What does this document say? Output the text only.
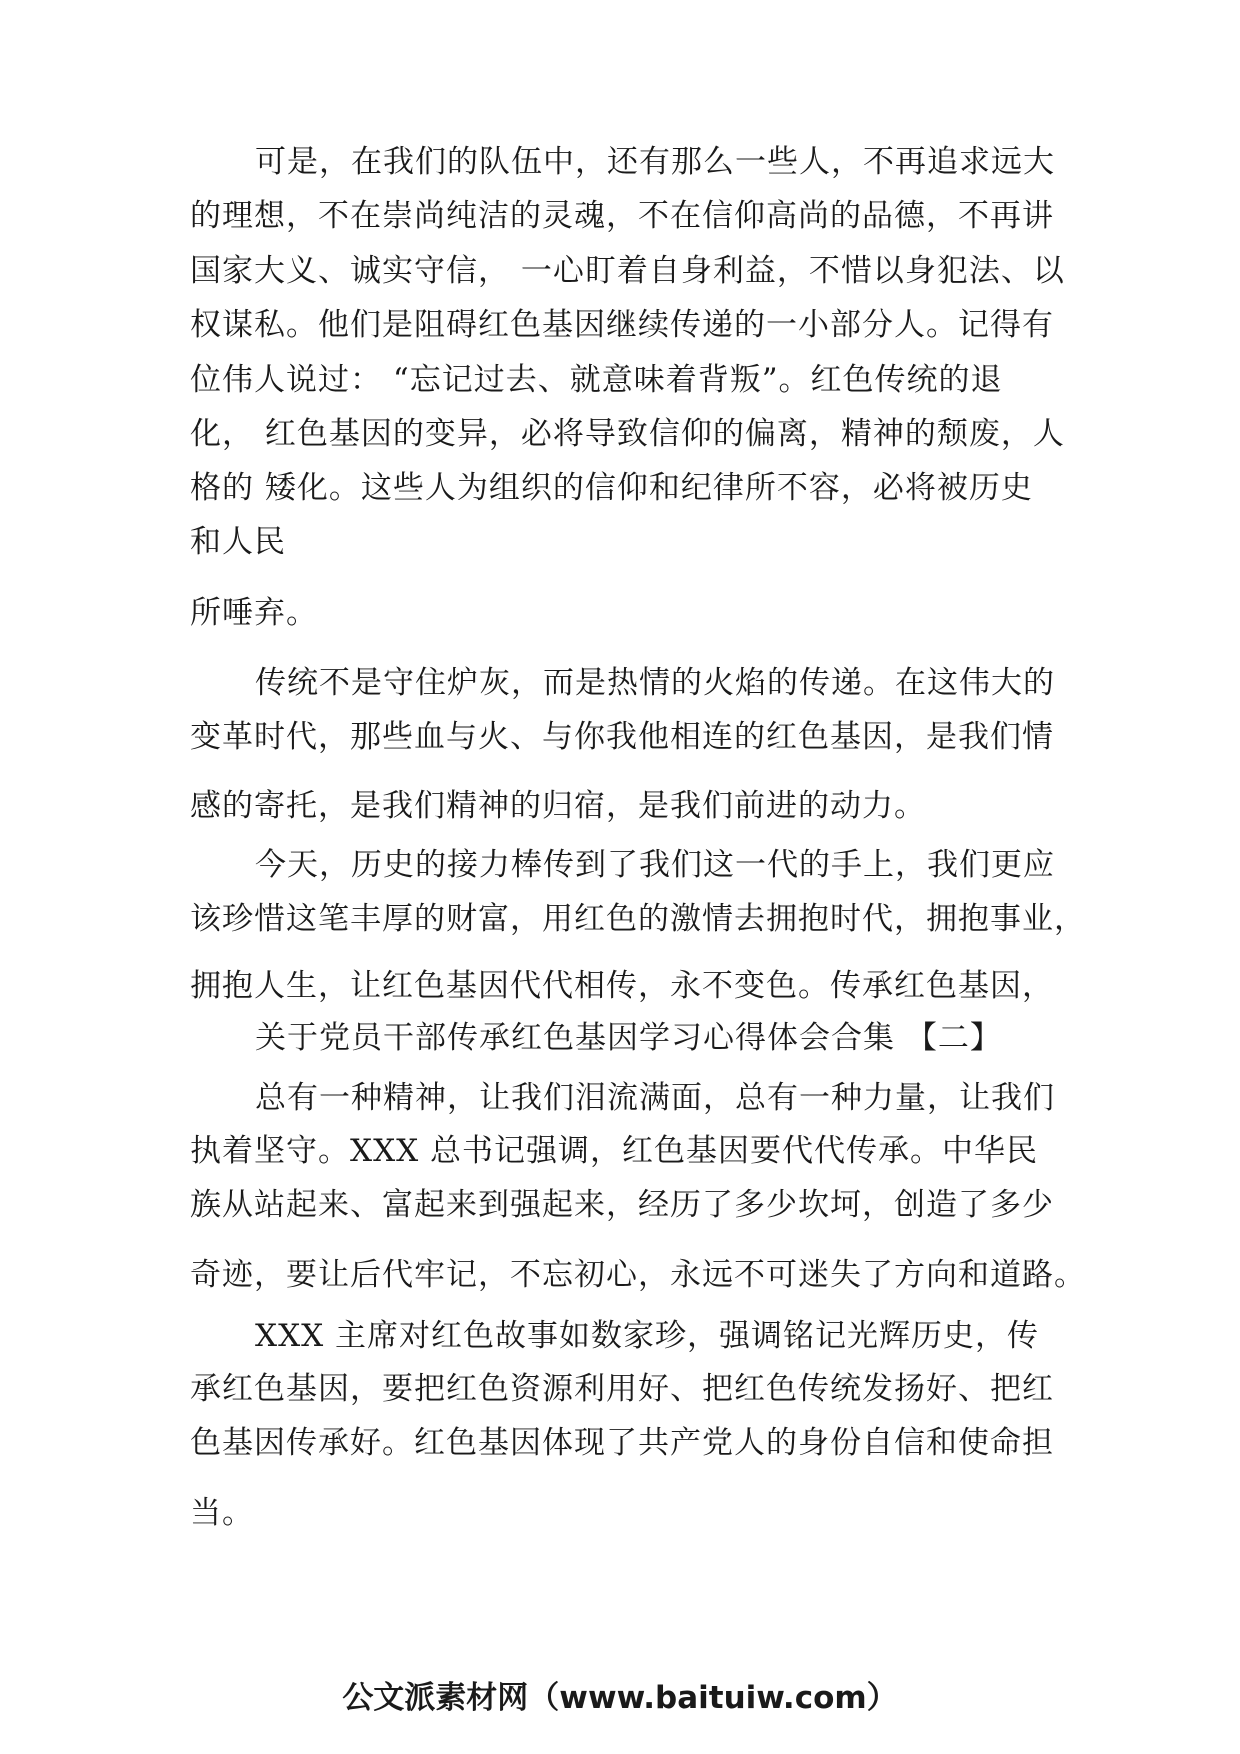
可是，在我们的队伍中，还有那么一些人，不再追求远大
的理想，不在崇尚纯洁的灵魂，不在信仰高尚的品德，不再讲
国家大义、诚实守信， 一心盯着自身利益，不惜以身犯法、以
权谋私。他们是阻碍红色基因继续传递的一小部分人。记得有
位伟人说过： “忘记过去、就意味着背叛”。红色传统的退
化， 红色基因的变异，必将导致信仰的偏离，精神的颓废，人
格的 矮化。这些人为组织的信仰和纪律所不容，必将被历史
和人民
所唾弃。
传统不是守住炉灰，而是热情的火焰的传递。在这伟大的
变革时代，那些血与火、与你我他相连的红色基因，是我们情
感的寄托，是我们精神的归宿，是我们前进的动力。
今天，历史的接力棒传到了我们这一代的手上，我们更应
该珍惜这笔丰厚的财富，用红色的激情去拥抱时代，拥抱事业，
拥抱人生，让红色基因代代相传，永不变色。传承红色基因，
关于党员干部传承红色基因学习心得体会合集 【二】
总有一种精神，让我们泪流满面，总有一种力量，让我们
执着坚守。XXX 总书记强调，红色基因要代代传承。中华民
族从站起来、富起来到强起来，经历了多少坎坷，创造了多少
奇迹，要让后代牢记，不忘初心，永远不可迷失了方向和道路。
XXX 主席对红色故事如数家珍，强调铭记光辉历史，传
承红色基因，要把红色资源利用好、把红色传统发扬好、把红
色基因传承好。红色基因体现了共产党人的身份自信和使命担
当。
公文派素材网（www.baituiw.com）
